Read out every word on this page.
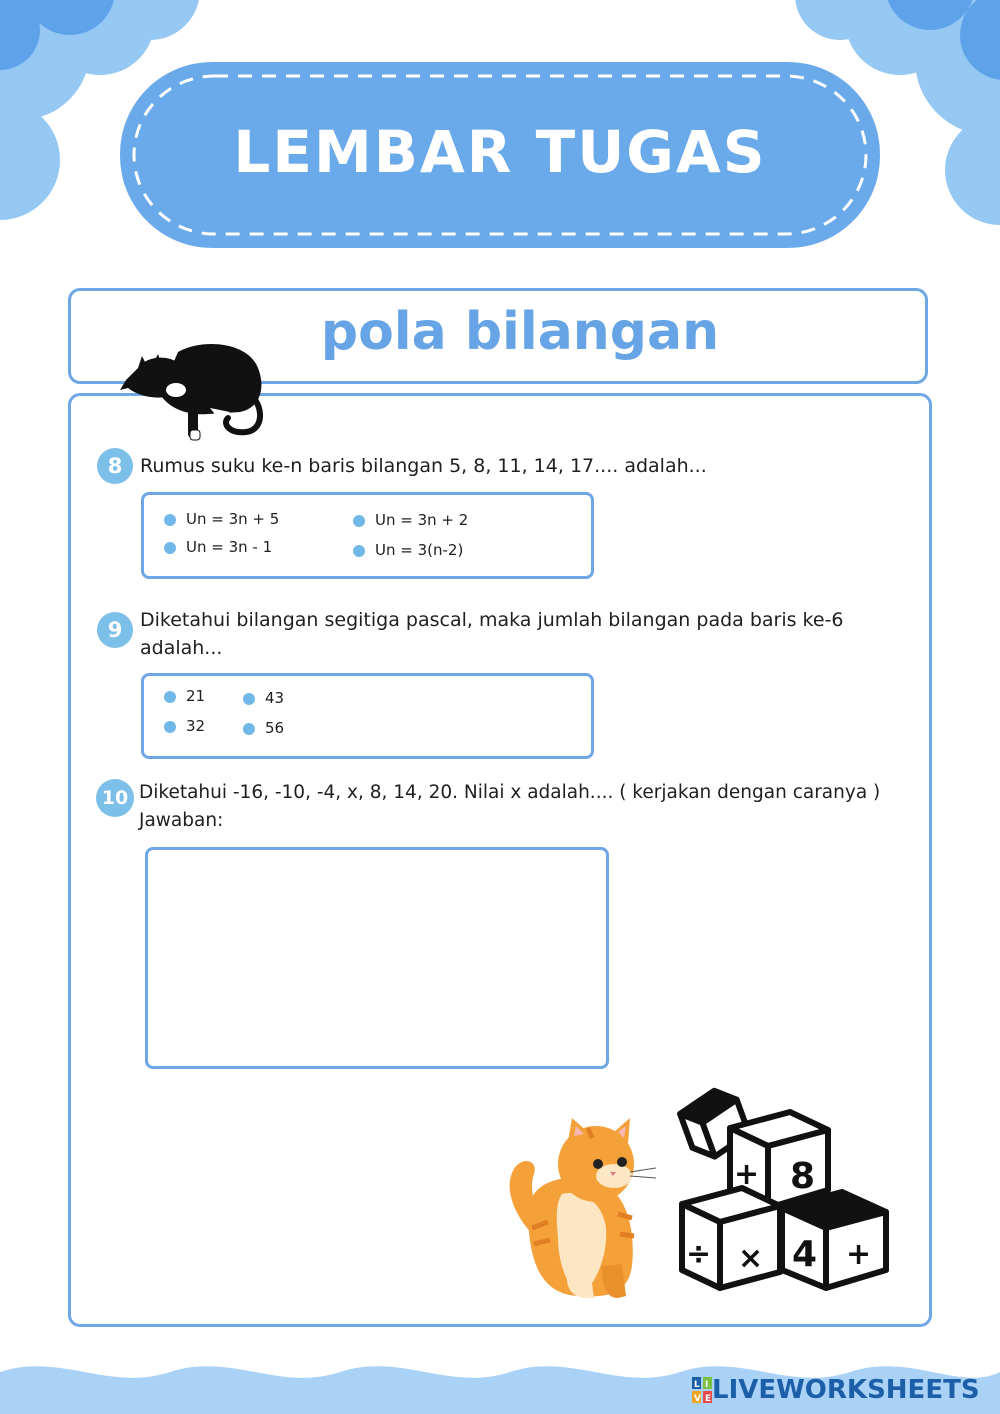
LEMBAR TUGAS
pola bilangan
8 Rumus suku ke-n baris bilangan 5, 8, 11, 14, 17.... adalah...
Un = 3n + 5
Un = 3n - 1
Un = 3n + 2
Un = 3(n-2)
9 Diketahui bilangan segitiga pascal, maka jumlah bilangan pada baris ke-6
adalah...
21
32
43
56
10 Diketahui -16, -10, -4, x, 8, 14, 20. Nilai x adalah.... ( kerjakan dengan caranya )
Jawaban:
+ 8
÷ × 4 +
L I
V E LIVEWORKSHEETS
